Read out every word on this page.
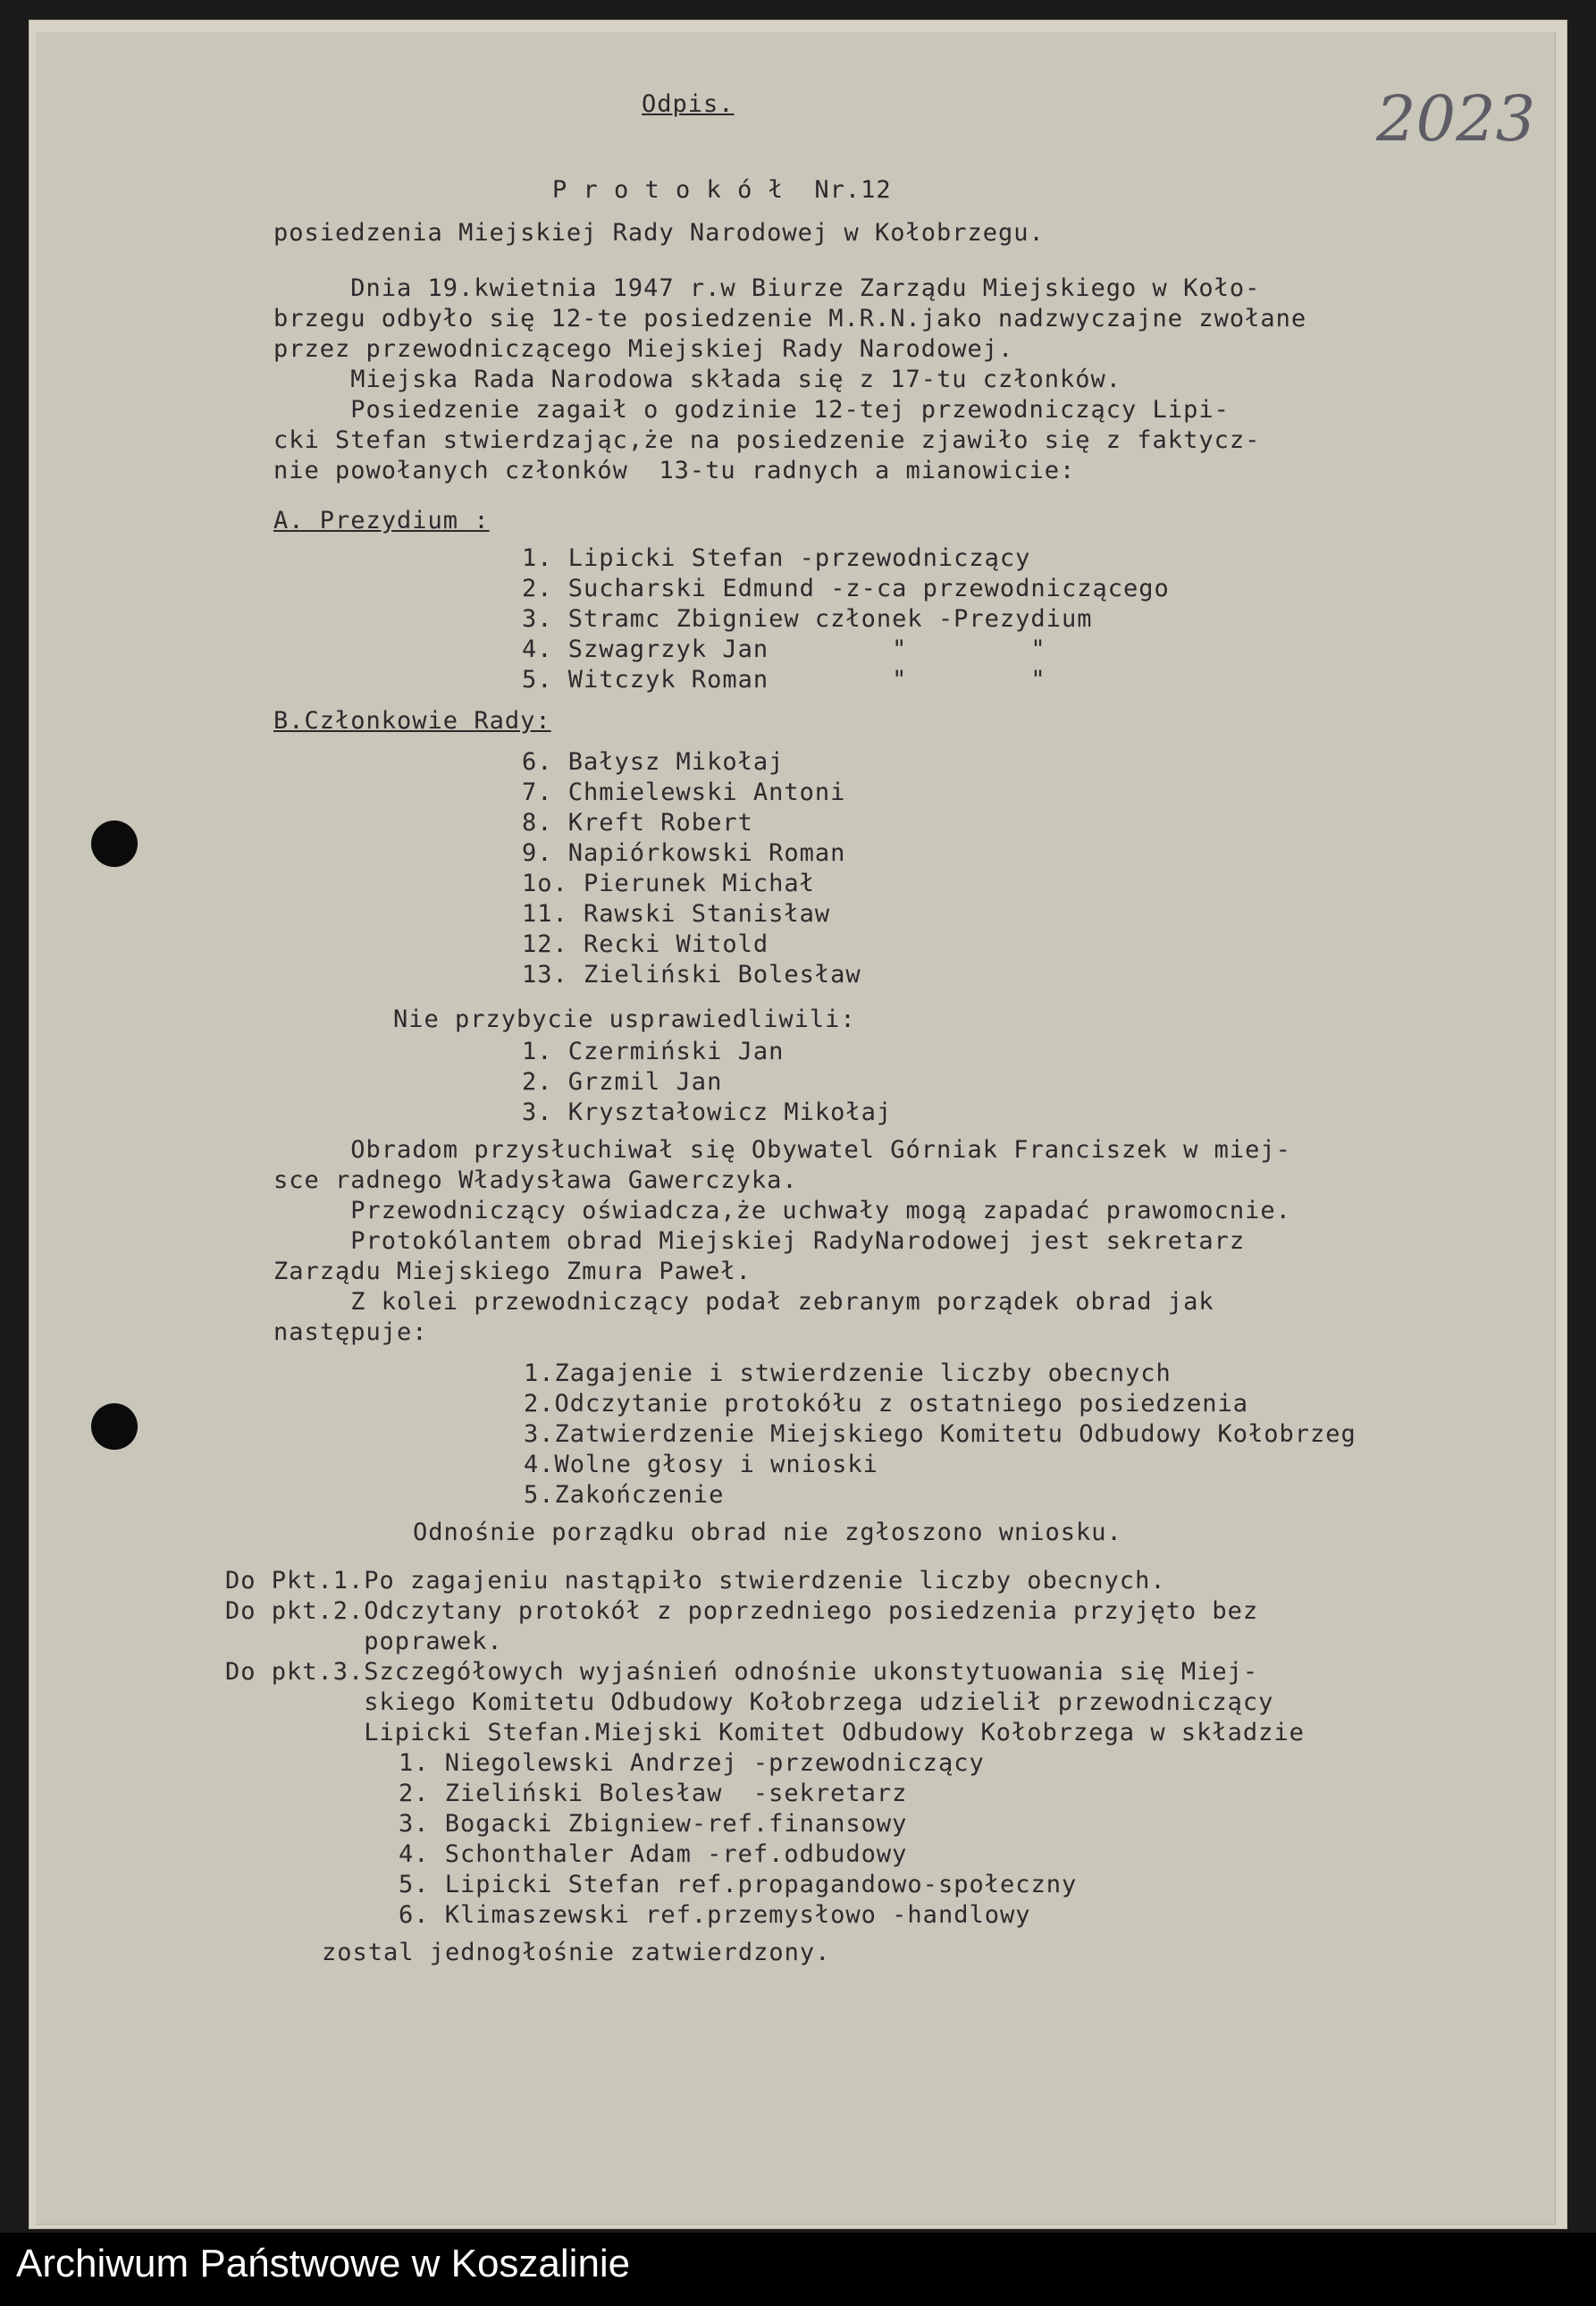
2023
Odpis.
P r o t o k ó ł  Nr.12
posiedzenia Miejskiej Rady Narodowej w Kołobrzegu.
Dnia 19.kwietnia 1947 r.w Biurze Zarządu Miejskiego w Koło-
brzegu odbyło się 12-te posiedzenie M.R.N.jako nadzwyczajne zwołane
przez przewodniczącego Miejskiej Rady Narodowej.
Miejska Rada Narodowa składa się z 17-tu członków.
Posiedzenie zagaił o godzinie 12-tej przewodniczący Lipi-
cki Stefan stwierdzając,że na posiedzenie zjawiło się z faktycz-
nie powołanych członków  13-tu radnych a mianowicie:
A. Prezydium :
1. Lipicki Stefan -przewodniczący
2. Sucharski Edmund -z-ca przewodniczącego
3. Stramc Zbigniew członek -Prezydium
4. Szwagrzyk Jan        "        "
5. Witczyk Roman        "        "
B.Członkowie Rady:
6. Bałysz Mikołaj
7. Chmielewski Antoni
8. Kreft Robert
9. Napiórkowski Roman
1o. Pierunek Michał
11. Rawski Stanisław
12. Recki Witold
13. Zieliński Bolesław
Nie przybycie usprawiedliwili:
1. Czermiński Jan
2. Grzmil Jan
3. Kryształowicz Mikołaj
Obradom przysłuchiwał się Obywatel Górniak Franciszek w miej-
sce radnego Władysława Gawerczyka.
Przewodniczący oświadcza,że uchwały mogą zapadać prawomocnie.
Protokólantem obrad Miejskiej RadyNarodowej jest sekretarz
Zarządu Miejskiego Zmura Paweł.
Z kolei przewodniczący podał zebranym porządek obrad jak
następuje:
1.Zagajenie i stwierdzenie liczby obecnych
2.Odczytanie protokółu z ostatniego posiedzenia
3.Zatwierdzenie Miejskiego Komitetu Odbudowy Kołobrzeg
4.Wolne głosy i wnioski
5.Zakończenie
Odnośnie porządku obrad nie zgłoszono wniosku.
Do Pkt.1.Po zagajeniu nastąpiło stwierdzenie liczby obecnych.
Do pkt.2.Odczytany protokół z poprzedniego posiedzenia przyjęto bez
poprawek.
Do pkt.3.Szczegółowych wyjaśnień odnośnie ukonstytuowania się Miej-
skiego Komitetu Odbudowy Kołobrzega udzielił przewodniczący
Lipicki Stefan.Miejski Komitet Odbudowy Kołobrzega w składzie
1. Niegolewski Andrzej -przewodniczący
2. Zieliński Bolesław  -sekretarz
3. Bogacki Zbigniew-ref.finansowy
4. Schonthaler Adam -ref.odbudowy
5. Lipicki Stefan ref.propagandowo-społeczny
6. Klimaszewski ref.przemysłowo -handlowy
zostal jednogłośnie zatwierdzony.
Archiwum Państwowe w Koszalinie
